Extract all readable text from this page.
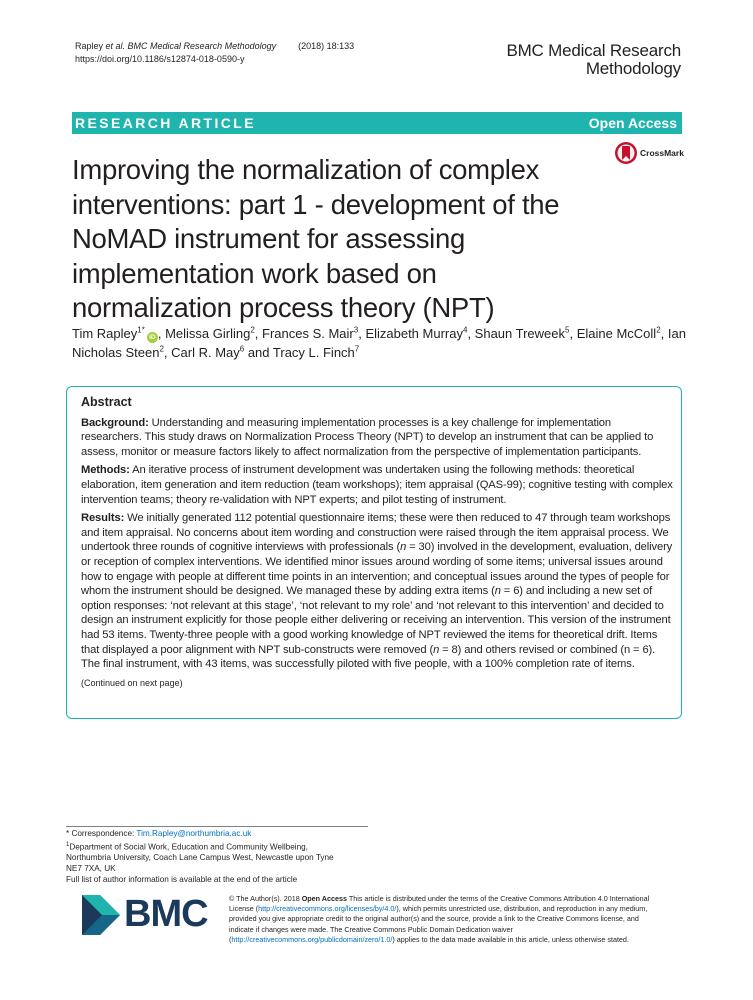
Rapley et al. BMC Medical Research Methodology (2018) 18:133
https://doi.org/10.1186/s12874-018-0590-y	BMC Medical Research
Methodology
RESEARCH ARTICLE	Open Access
Improving the normalization of complex interventions: part 1 - development of the NoMAD instrument for assessing implementation work based on normalization process theory (NPT)
CrossMark
Tim Rapley$^{1*}$iD , Melissa Girling$^2$, Frances S. Mair$^3$, Elizabeth Murray$^4$, Shaun Treweek$^5$, Elaine McColl$^2$, Ian Nicholas Steen$^2$, Carl R. May$^6$ and Tracy L. Finch$^7$
Abstract

Background: Understanding and measuring implementation processes is a key challenge for implementation researchers. This study draws on Normalization Process Theory (NPT) to develop an instrument that can be applied to assess, monitor or measure factors likely to affect normalization from the perspective of implementation participants.

Methods: An iterative process of instrument development was undertaken using the following methods: theoretical elaboration, item generation and item reduction (team workshops); item appraisal (QAS-99); cognitive testing with complex intervention teams; theory re-validation with NPT experts; and pilot testing of instrument.

Results: We initially generated 112 potential questionnaire items; these were then reduced to 47 through team workshops and item appraisal. No concerns about item wording and construction were raised through the item appraisal process. We undertook three rounds of cognitive interviews with professionals (n = 30) involved in the development, evaluation, delivery or reception of complex interventions. We identified minor issues around wording of some items; universal issues around how to engage with people at different time points in an intervention; and conceptual issues around the types of people for whom the instrument should be designed. We managed these by adding extra items (n = 6) and including a new set of option responses: ‘not relevant at this stage’, ‘not relevant to my role’ and ‘not relevant to this intervention’ and decided to design an instrument explicitly for those people either delivering or receiving an intervention. This version of the instrument had 53 items. Twenty-three people with a good working knowledge of NPT reviewed the items for theoretical drift. Items that displayed a poor alignment with NPT sub-constructs were removed (n = 8) and others revised or combined (n = 6). The final instrument, with 43 items, was successfully piloted with five people, with a 100% completion rate of items.

(Continued on next page)
* Correspondence: Tim.Rapley@northumbria.ac.uk
$^1$Department of Social Work, Education and Community Wellbeing,
Northumbria University, Coach Lane Campus West, Newcastle upon Tyne
NE7 7XA, UK
Full list of author information is available at the end of the article
BMC	© The Author(s). 2018 Open Access This article is distributed under the terms of the Creative Commons Attribution 4.0 International License (http://creativecommons.org/licenses/by/4.0/), which permits unrestricted use, distribution, and reproduction in any medium, provided you give appropriate credit to the original author(s) and the source, provide a link to the Creative Commons license, and indicate if changes were made. The Creative Commons Public Domain Dedication waiver (http://creativecommons.org/publicdomain/zero/1.0/) applies to the data made available in this article, unless otherwise stated.
